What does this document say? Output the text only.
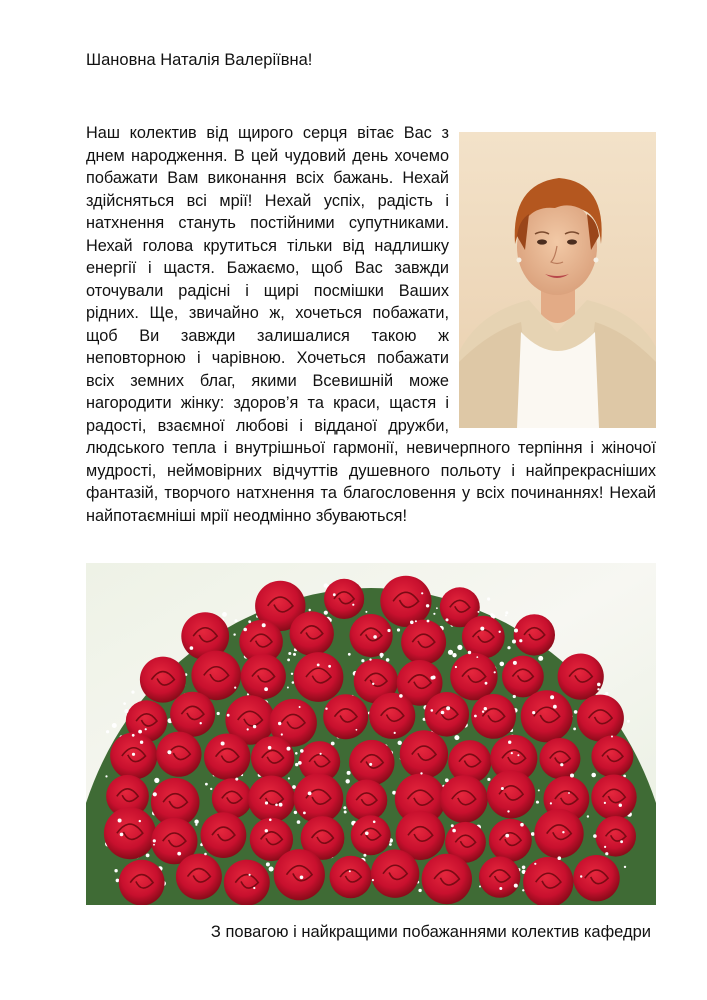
Шановна Наталія Валеріївна!

Наш колектив від щирого серця вітає Вас з днем народження. В цей чудовий день хочемо побажати Вам виконання всіх бажань. Нехай здійсняться всі мрії! Нехай успіх, радість і натхнення стануть постійними супутниками. Нехай голова крутиться тільки від надлишку енергії і щастя. Бажаємо, щоб Вас завжди оточували радісні і щирі посмішки Ваших рідних. Ще, звичайно ж, хочеться побажати, щоб Ви завжди залишалися такою ж неповторною і чарівною. Хочеться побажати всіх земних благ, якими Всевишній може нагородити жінку: здоров’я та краси, щастя і радості, взаємної любові і відданої дружби, людського тепла і внутрішньої гармонії, невичерпного терпіння і жіночої мудрості, неймовірних відчуттів душевного польоту і найпрекрасніших фантазій, творчого натхнення та благословення у всіх починаннях! Нехай найпотаємніші мрії неодмінно збуваються!

З повагою і найкращими побажаннями колектив кафедри
